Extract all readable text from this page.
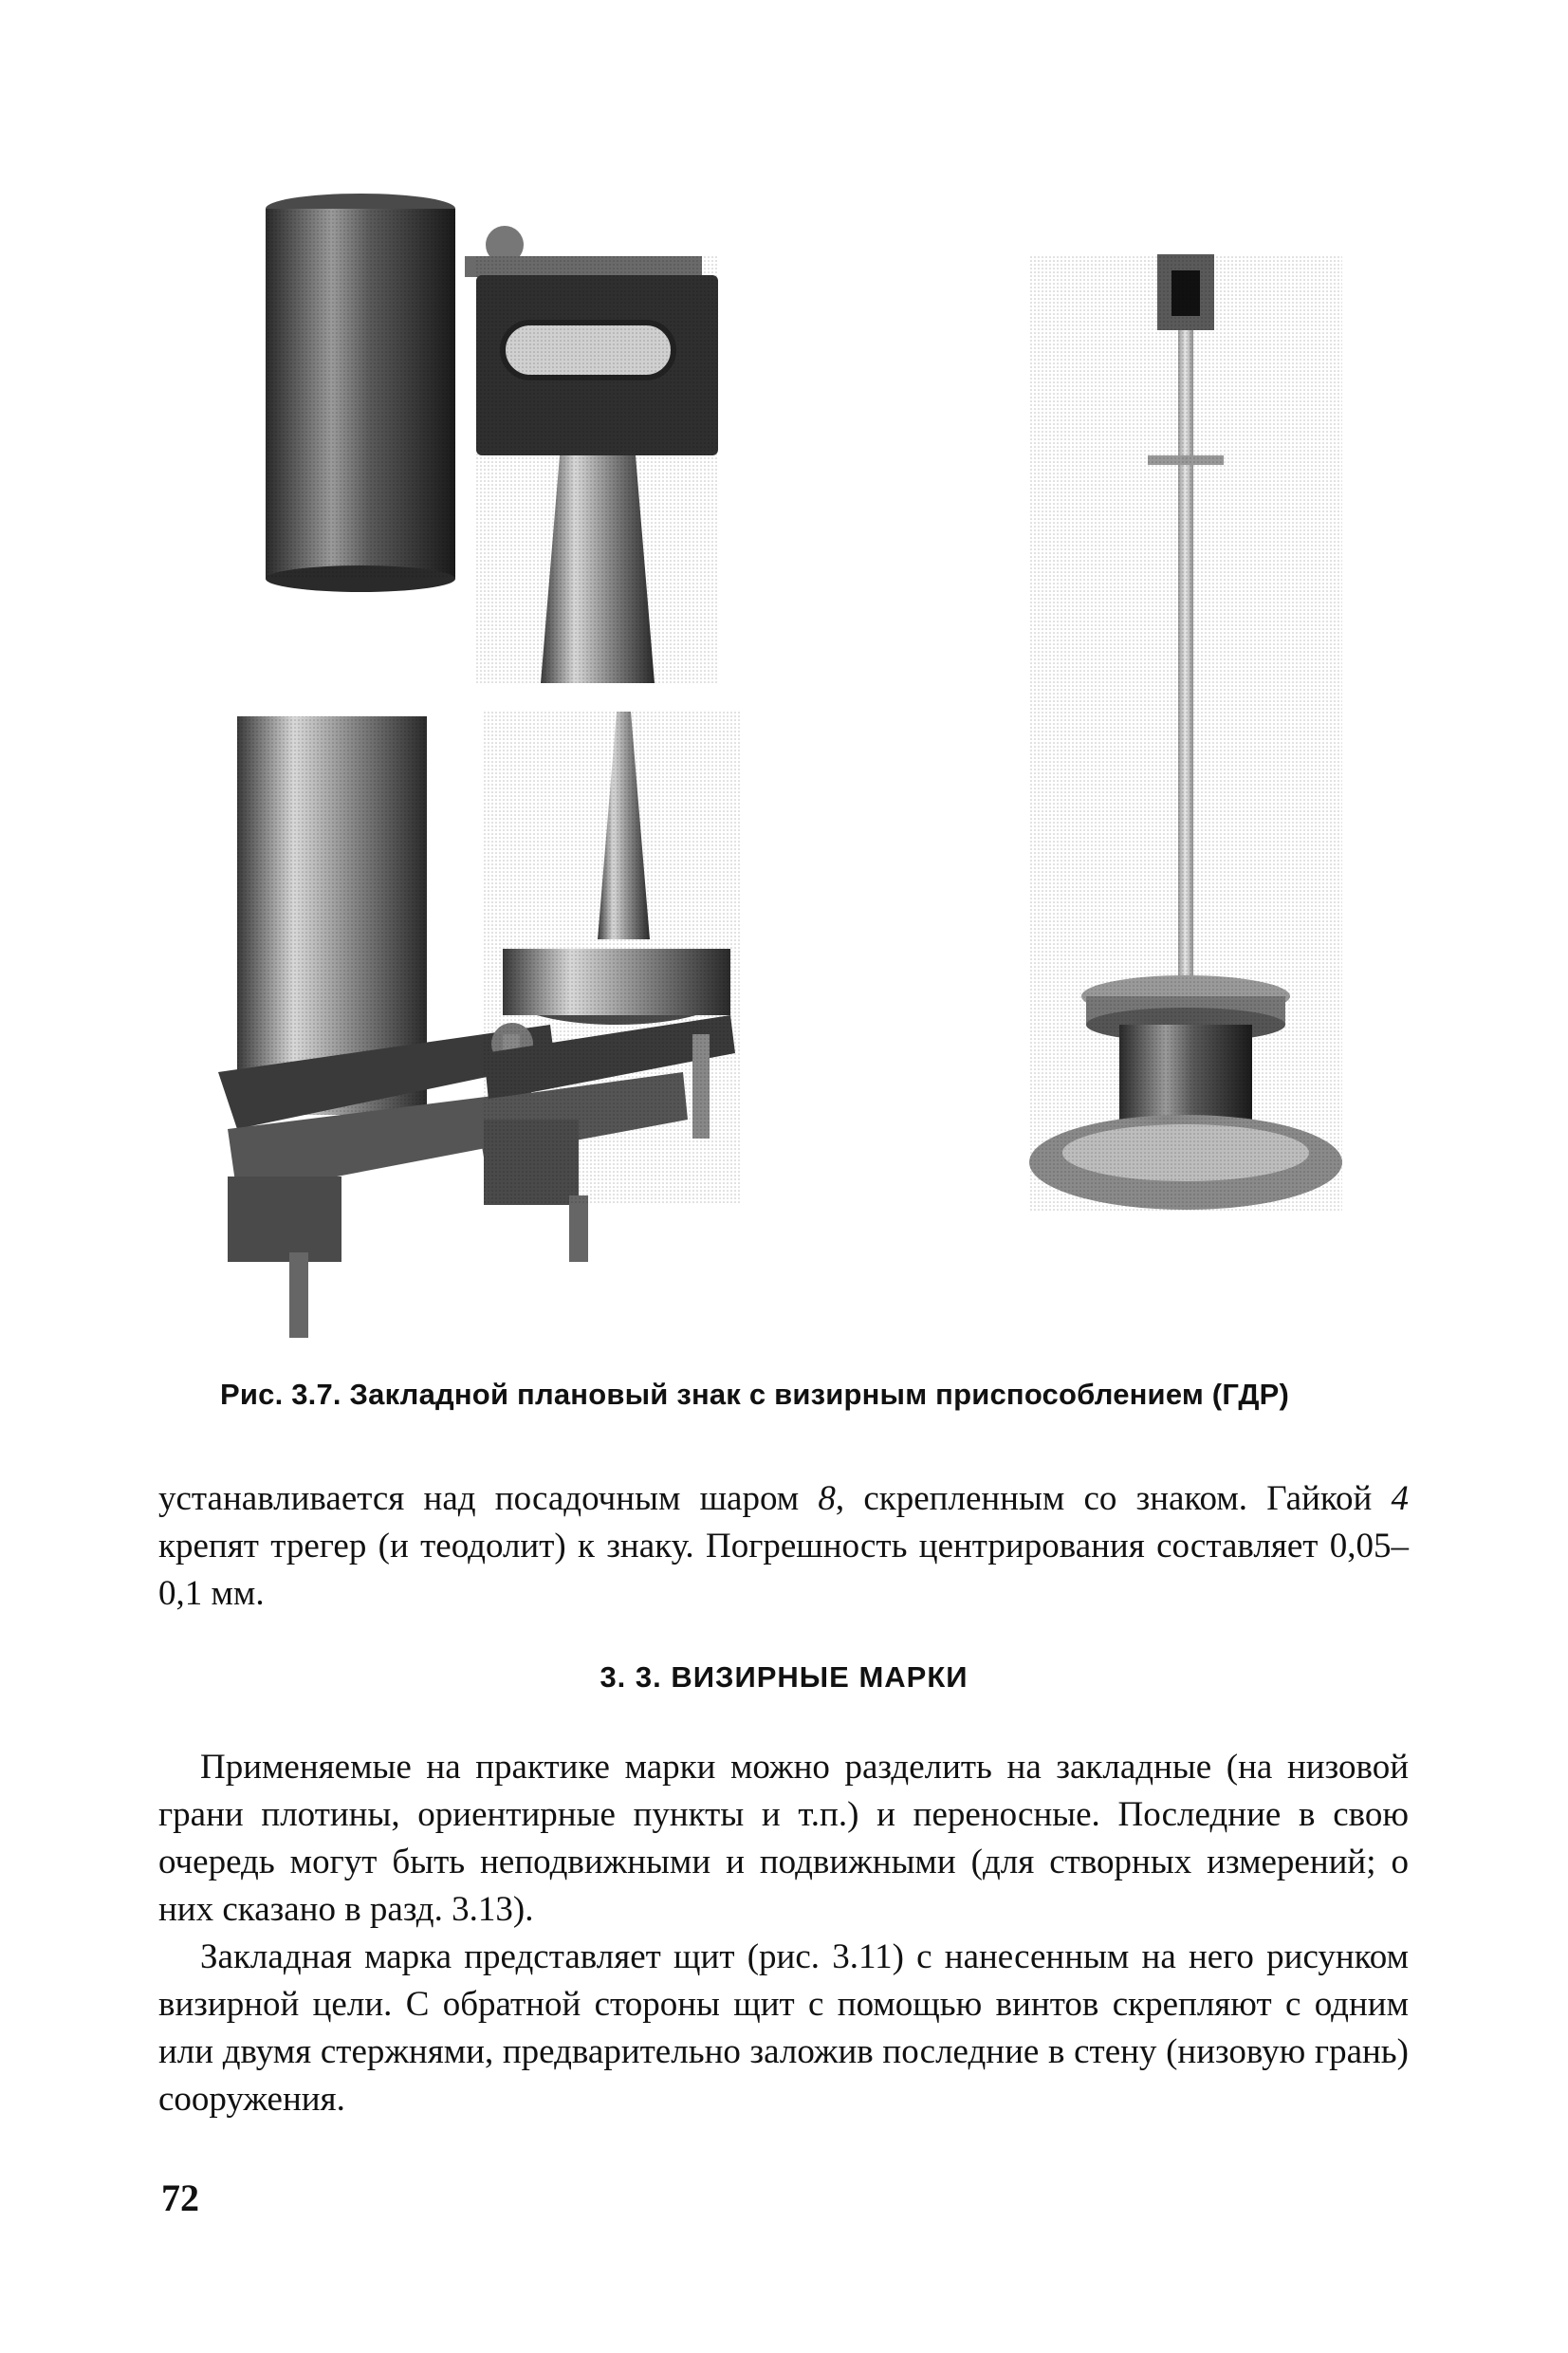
Рис. 3.7. Закладной плановый знак с визирным приспособлением (ГДР)
устанавливается над посадочным шаром 8, скрепленным со знаком. Гайкой 4 крепят трегер (и теодолит) к знаку. Погрешность центрирования составляет 0,05–0,1 мм.
3. 3. ВИЗИРНЫЕ МАРКИ
Применяемые на практике марки можно разделить на закладные (на низовой грани плотины, ориентирные пункты и т.п.) и переносные. Последние в свою очередь могут быть неподвижными и подвижными (для створных измерений; о них сказано в разд. 3.13).
Закладная марка представляет щит (рис. 3.11) с нанесенным на него рисунком визирной цели. С обратной стороны щит с помощью винтов скрепляют с одним или двумя стержнями, предварительно заложив последние в стену (низовую грань) сооружения.
72
